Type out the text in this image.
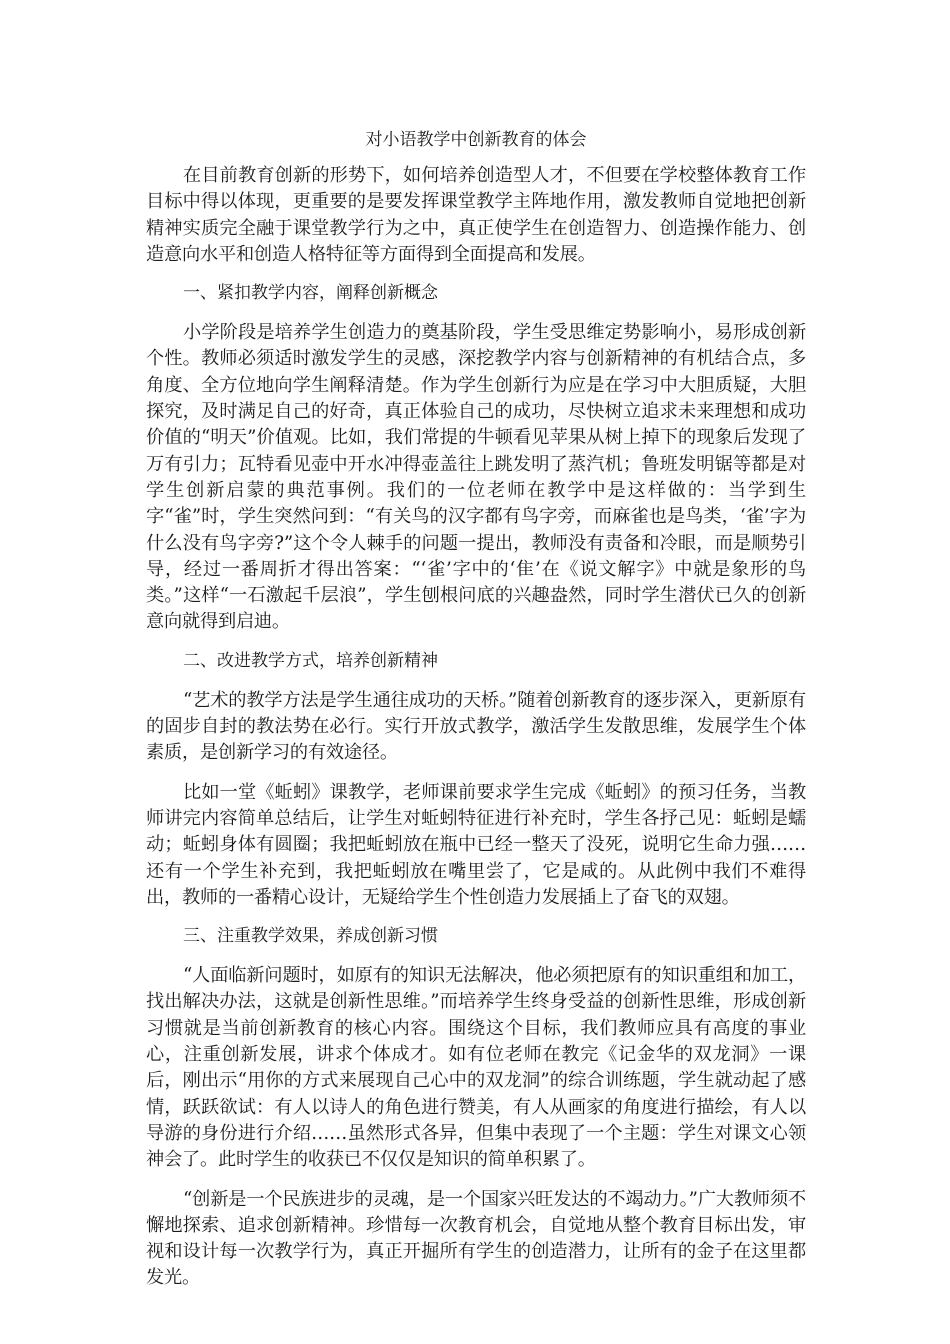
对小语教学中创新教育的体会

在目前教育创新的形势下，如何培养创造型人才，不但要在学校整体教育工作目标中得以体现，更重要的是要发挥课堂教学主阵地作用，激发教师自觉地把创新精神实质完全融于课堂教学行为之中，真正使学生在创造智力、创造操作能力、创造意向水平和创造人格特征等方面得到全面提高和发展。

一、紧扣教学内容，阐释创新概念

小学阶段是培养学生创造力的奠基阶段，学生受思维定势影响小，易形成创新个性。教师必须适时激发学生的灵感，深挖教学内容与创新精神的有机结合点，多角度、全方位地向学生阐释清楚。作为学生创新行为应是在学习中大胆质疑，大胆探究，及时满足自己的好奇，真正体验自己的成功，尽快树立追求未来理想和成功价值的“明天”价值观。比如，我们常提的牛顿看见苹果从树上掉下的现象后发现了万有引力；瓦特看见壶中开水冲得壶盖往上跳发明了蒸汽机；鲁班发明锯等都是对学生创新启蒙的典范事例。我们的一位老师在教学中是这样做的：当学到生字“雀”时，学生突然问到：“有关鸟的汉字都有鸟字旁，而麻雀也是鸟类，‘雀’字为什么没有鸟字旁?”这个令人棘手的问题一提出，教师没有责备和冷眼，而是顺势引导，经过一番周折才得出答案：“‘雀’字中的‘隹’在《说文解字》中就是象形的鸟类。”这样“一石激起千层浪”，学生刨根问底的兴趣盎然，同时学生潜伏已久的创新意向就得到启迪。

二、改进教学方式，培养创新精神

“艺术的教学方法是学生通往成功的天桥。”随着创新教育的逐步深入，更新原有的固步自封的教法势在必行。实行开放式教学，激活学生发散思维，发展学生个体素质，是创新学习的有效途径。

比如一堂《蚯蚓》课教学，老师课前要求学生完成《蚯蚓》的预习任务，当教师讲完内容简单总结后，让学生对蚯蚓特征进行补充时，学生各抒己见：蚯蚓是蠕动；蚯蚓身体有圆圈；我把蚯蚓放在瓶中已经一整天了没死，说明它生命力强……还有一个学生补充到，我把蚯蚓放在嘴里尝了，它是咸的。从此例中我们不难得出，教师的一番精心设计，无疑给学生个性创造力发展插上了奋飞的双翅。

三、注重教学效果，养成创新习惯

“人面临新问题时，如原有的知识无法解决，他必须把原有的知识重组和加工，找出解决办法，这就是创新性思维。”而培养学生终身受益的创新性思维，形成创新习惯就是当前创新教育的核心内容。围绕这个目标，我们教师应具有高度的事业心，注重创新发展，讲求个体成才。如有位老师在教完《记金华的双龙洞》一课后，刚出示“用你的方式来展现自己心中的双龙洞”的综合训练题，学生就动起了感情，跃跃欲试：有人以诗人的角色进行赞美，有人从画家的角度进行描绘，有人以导游的身份进行介绍……虽然形式各异，但集中表现了一个主题：学生对课文心领神会了。此时学生的收获已不仅仅是知识的简单积累了。

“创新是一个民族进步的灵魂，是一个国家兴旺发达的不竭动力。”广大教师须不懈地探索、追求创新精神。珍惜每一次教育机会，自觉地从整个教育目标出发，审视和设计每一次教学行为，真正开掘所有学生的创造潜力，让所有的金子在这里都发光。
